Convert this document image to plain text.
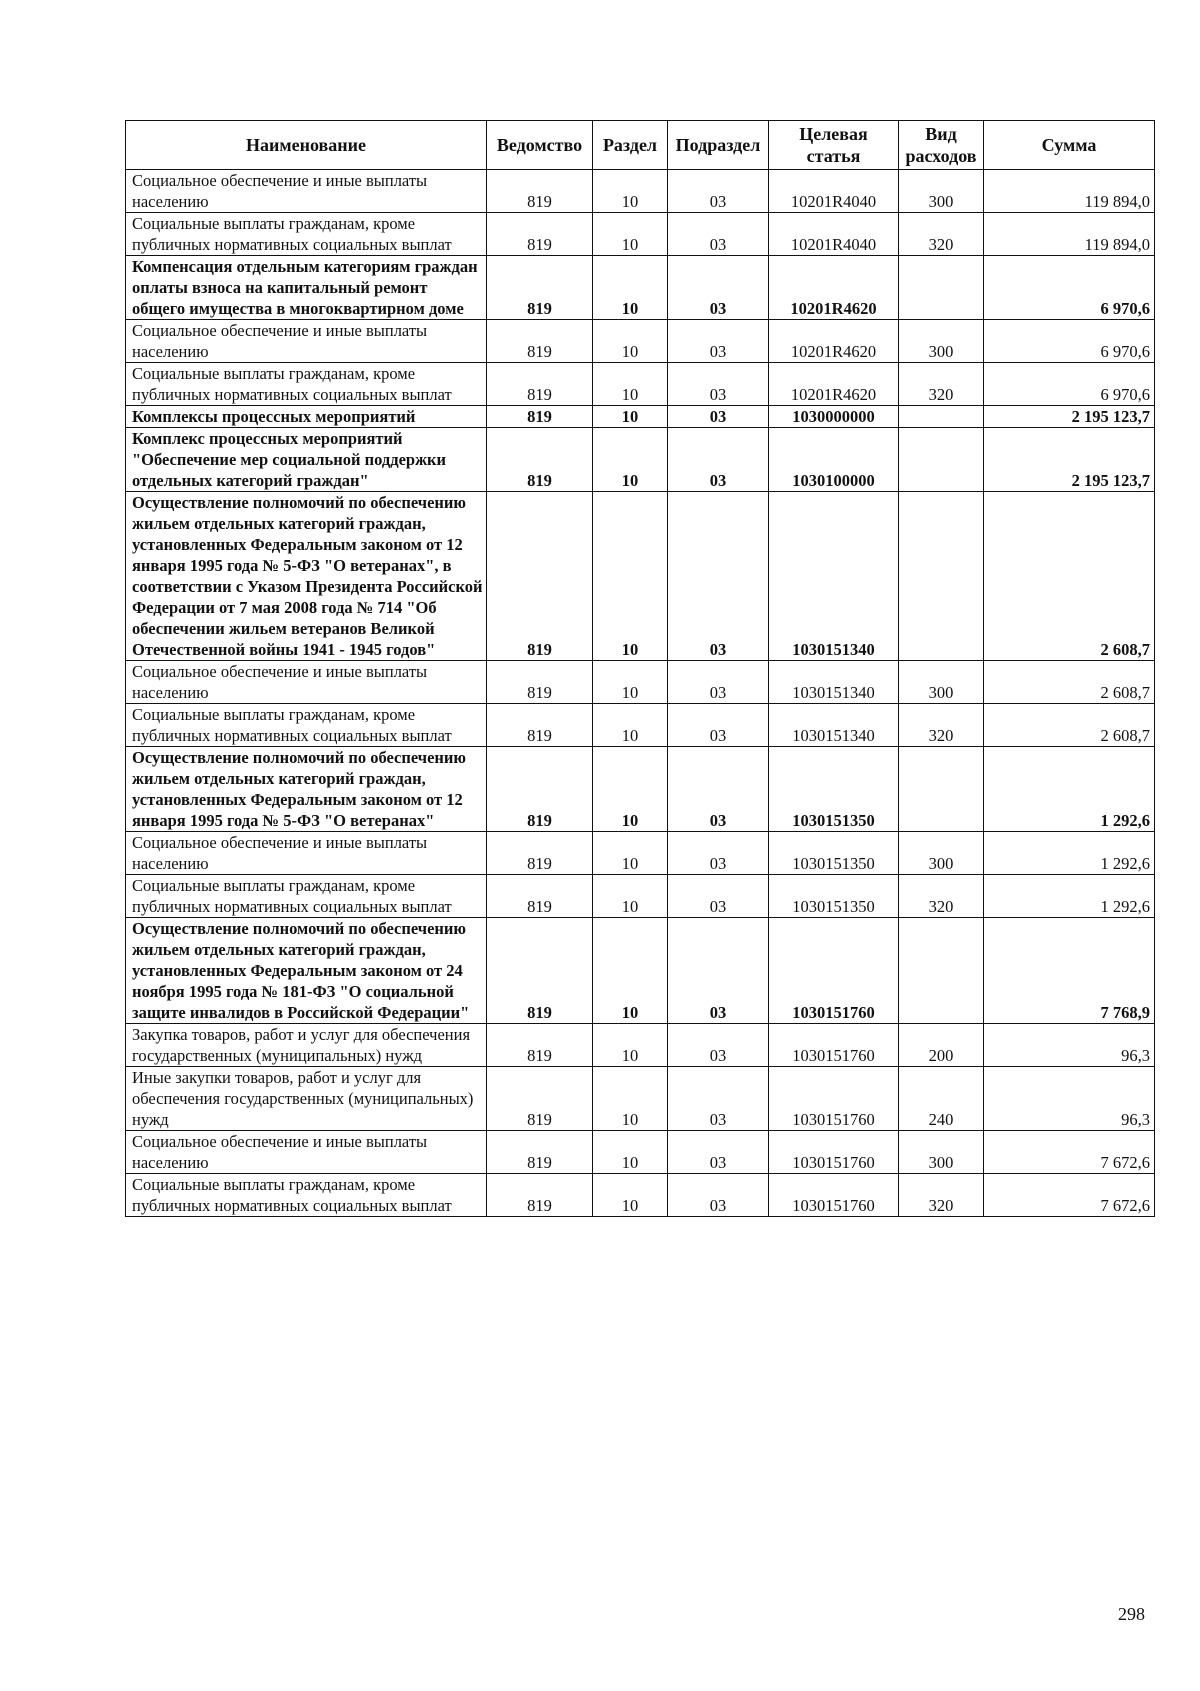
Наименование	Ведомство	Раздел	Подраздел	Целевая статья	Вид расходов	Сумма
Социальное обеспечение и иные выплаты населению	819	10	03	10201R4040	300	119 894,0
Социальные выплаты гражданам, кроме публичных нормативных социальных выплат	819	10	03	10201R4040	320	119 894,0
Компенсация отдельным категориям граждан оплаты взноса на капитальный ремонт общего имущества в многоквартирном доме	819	10	03	10201R4620		6 970,6
Социальное обеспечение и иные выплаты населению	819	10	03	10201R4620	300	6 970,6
Социальные выплаты гражданам, кроме публичных нормативных социальных выплат	819	10	03	10201R4620	320	6 970,6
Комплексы процессных мероприятий	819	10	03	1030000000		2 195 123,7
Комплекс процессных мероприятий "Обеспечение мер социальной поддержки отдельных категорий граждан"	819	10	03	1030100000		2 195 123,7
Осуществление полномочий по обеспечению жильем отдельных категорий граждан, установленных Федеральным законом от 12 января 1995 года № 5-ФЗ "О ветеранах", в соответствии с Указом Президента Российской Федерации от 7 мая 2008 года № 714 "Об обеспечении жильем ветеранов Великой Отечественной войны 1941 - 1945 годов"	819	10	03	1030151340		2 608,7
Социальное обеспечение и иные выплаты населению	819	10	03	1030151340	300	2 608,7
Социальные выплаты гражданам, кроме публичных нормативных социальных выплат	819	10	03	1030151340	320	2 608,7
Осуществление полномочий по обеспечению жильем отдельных категорий граждан, установленных Федеральным законом от 12 января 1995 года № 5-ФЗ "О ветеранах"	819	10	03	1030151350		1 292,6
Социальное обеспечение и иные выплаты населению	819	10	03	1030151350	300	1 292,6
Социальные выплаты гражданам, кроме публичных нормативных социальных выплат	819	10	03	1030151350	320	1 292,6
Осуществление полномочий по обеспечению жильем отдельных категорий граждан, установленных Федеральным законом от 24 ноября 1995 года № 181-ФЗ "О социальной защите инвалидов в Российской Федерации"	819	10	03	1030151760		7 768,9
Закупка товаров, работ и услуг для обеспечения государственных (муниципальных) нужд	819	10	03	1030151760	200	96,3
Иные закупки товаров, работ и услуг для обеспечения государственных (муниципальных) нужд	819	10	03	1030151760	240	96,3
Социальное обеспечение и иные выплаты населению	819	10	03	1030151760	300	7 672,6
Социальные выплаты гражданам, кроме публичных нормативных социальных выплат	819	10	03	1030151760	320	7 672,6
298
